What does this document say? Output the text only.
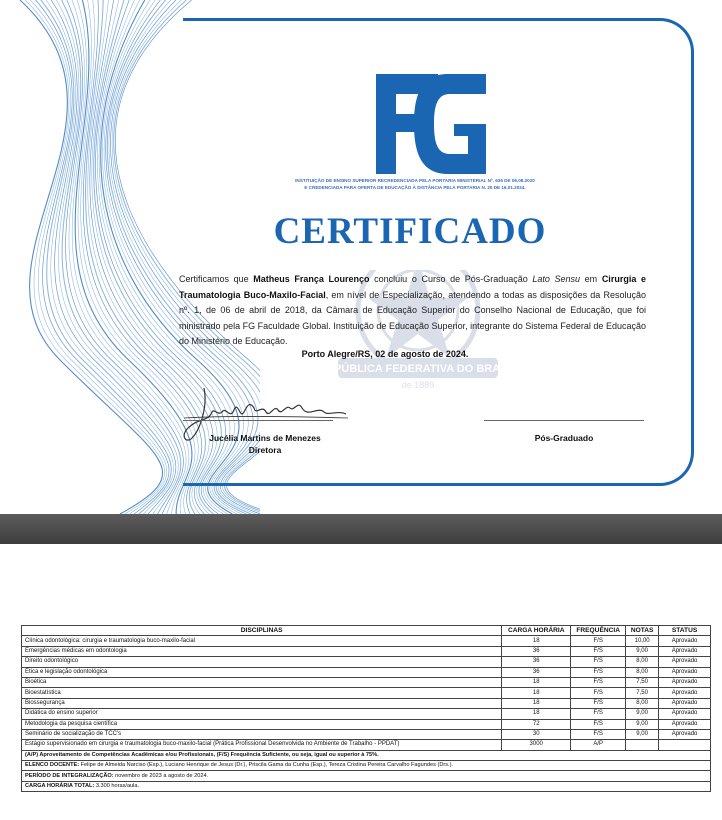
INSTITUIÇÃO DE ENSINO SUPERIOR RECREDENCIADA PELA PORTARIA MINISTERIAL Nº. 636 DE 06.08.2020
E CREDENCIADA PARA OFERTA DE EDUCAÇÃO À DISTÂNCIA PELA PORTARIA N. 20 DE 16.01.2024.
CERTIFICADO
REPÚBLICA FEDERATIVA DO BRASIL
de 1889
Certificamos que Matheus França Lourenço concluiu o Curso de Pós-Graduação Lato Sensu em Cirurgia e Traumatologia Buco-Maxilo-Facial, em nível de Especialização, atendendo a todas as disposições da Resolução nº. 1, de 06 de abril de 2018, da Câmara de Educação Superior do Conselho Nacional de Educação, que foi ministrado pela FG Faculdade Global. Instituição de Educação Superior, integrante do Sistema Federal de Educação do Ministério de Educação.
Porto Alegre/RS, 02 de agosto de 2024.
Jucélia Martins de Menezes
Diretora
Pós-Graduado
DISCIPLINAS	CARGA HORÁRIA	FREQUÊNCIA	NOTAS	STATUS
Clínica odontológica: cirurgia e traumatologia buco-maxilo-facial	18	F/S	10,00	Aprovado
Emergências médicas em odontologia	36	F/S	9,00	Aprovado
Direito odontológico	36	F/S	8,00	Aprovado
Ética e legislação odontológica	36	F/S	8,00	Aprovado
Bioética	18	F/S	7,50	Aprovado
Bioestatística	18	F/S	7,50	Aprovado
Biossegurança	18	F/S	8,00	Aprovado
Didática do ensino superior	18	F/S	9,00	Aprovado
Metodologia da pesquisa científica	72	F/S	9,00	Aprovado
Seminário de socialização de TCC's	30	F/S	9,00	Aprovado
Estágio supervisionado em cirurgia e traumatologia buco-maxilo-facial (Prática Profissional Desenvolvida no Ambiente de Trabalho - PPDAT)	3000	A/P		
(A/P) Aproveitamento de Competências Acadêmicas e/ou Profissionais, (F/S) Frequência Suficiente, ou seja, igual ou superior à 75%.				
ELENCO DOCENTE: Felipe de Almeida Narciso (Esp.), Luciano Henrique de Jesus (Dr.), Priscila Gama da Cunha (Esp.), Tereza Cristina Pereira Carvalho Fagundes (Drs.).				
PERÍODO DE INTEGRALIZAÇÃO: novembro de 2023 a agosto de 2024.				
CARGA HORÁRIA TOTAL: 3.300 horas/aula.				
